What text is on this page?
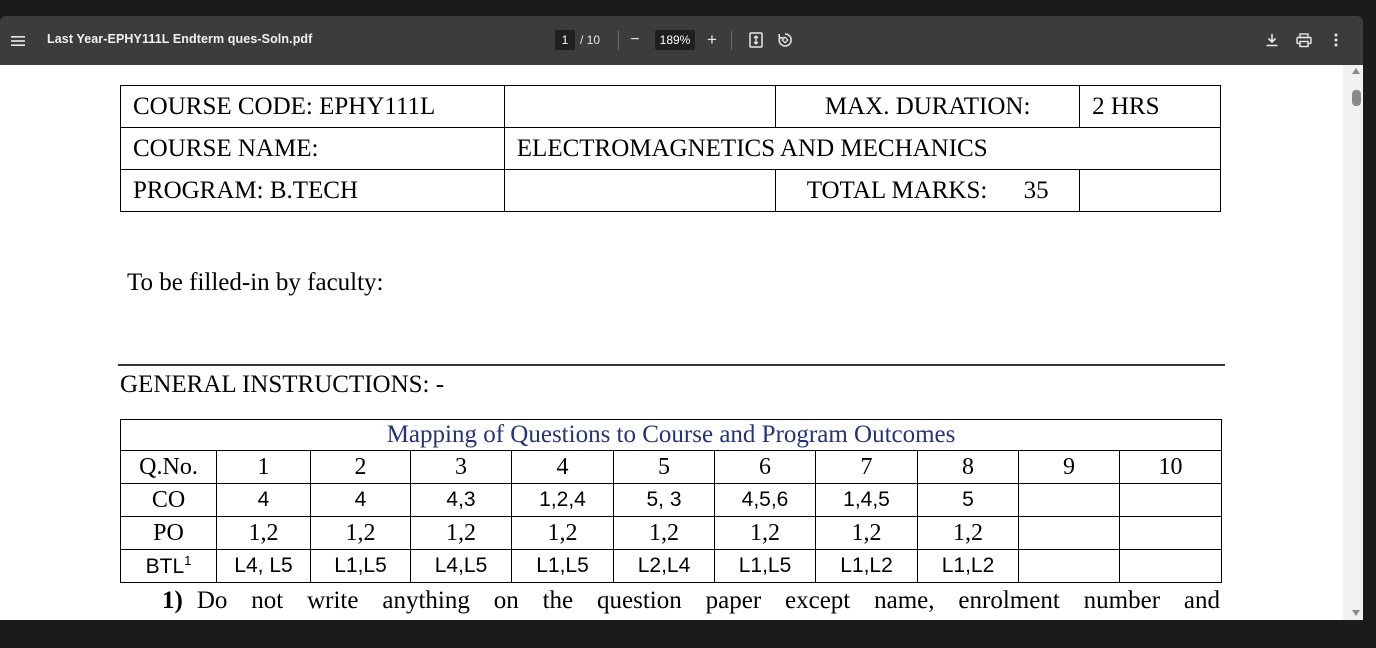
Last Year-EPHY111L Endterm ques-Soln.pdf	1 / 10	−	189% +
COURSE CODE: EPHY111L		MAX. DURATION:	2 HRS
COURSE NAME:	ELECTROMAGNETICS AND MECHANICS		
PROGRAM: B.TECH		TOTAL MARKS: 35	
To be filled-in by faculty:
GENERAL INSTRUCTIONS: -
Mapping of Questions to Course and Program Outcomes										
Q.No.	1	2	3	4	5	6	7	8	9	10
CO	4	4	4,3	1,2,4	5, 3	4,5,6	1,4,5	5		
PO	1,2	1,2	1,2	1,2	1,2	1,2	1,2	1,2		
BTL$^1$	L4, L5	L1,L5	L4,L5	L1,L5	L2,L4	L1,L5	L1,L2	L1,L2		
1) Do not write anything on the question paper except name, enrolment number and
